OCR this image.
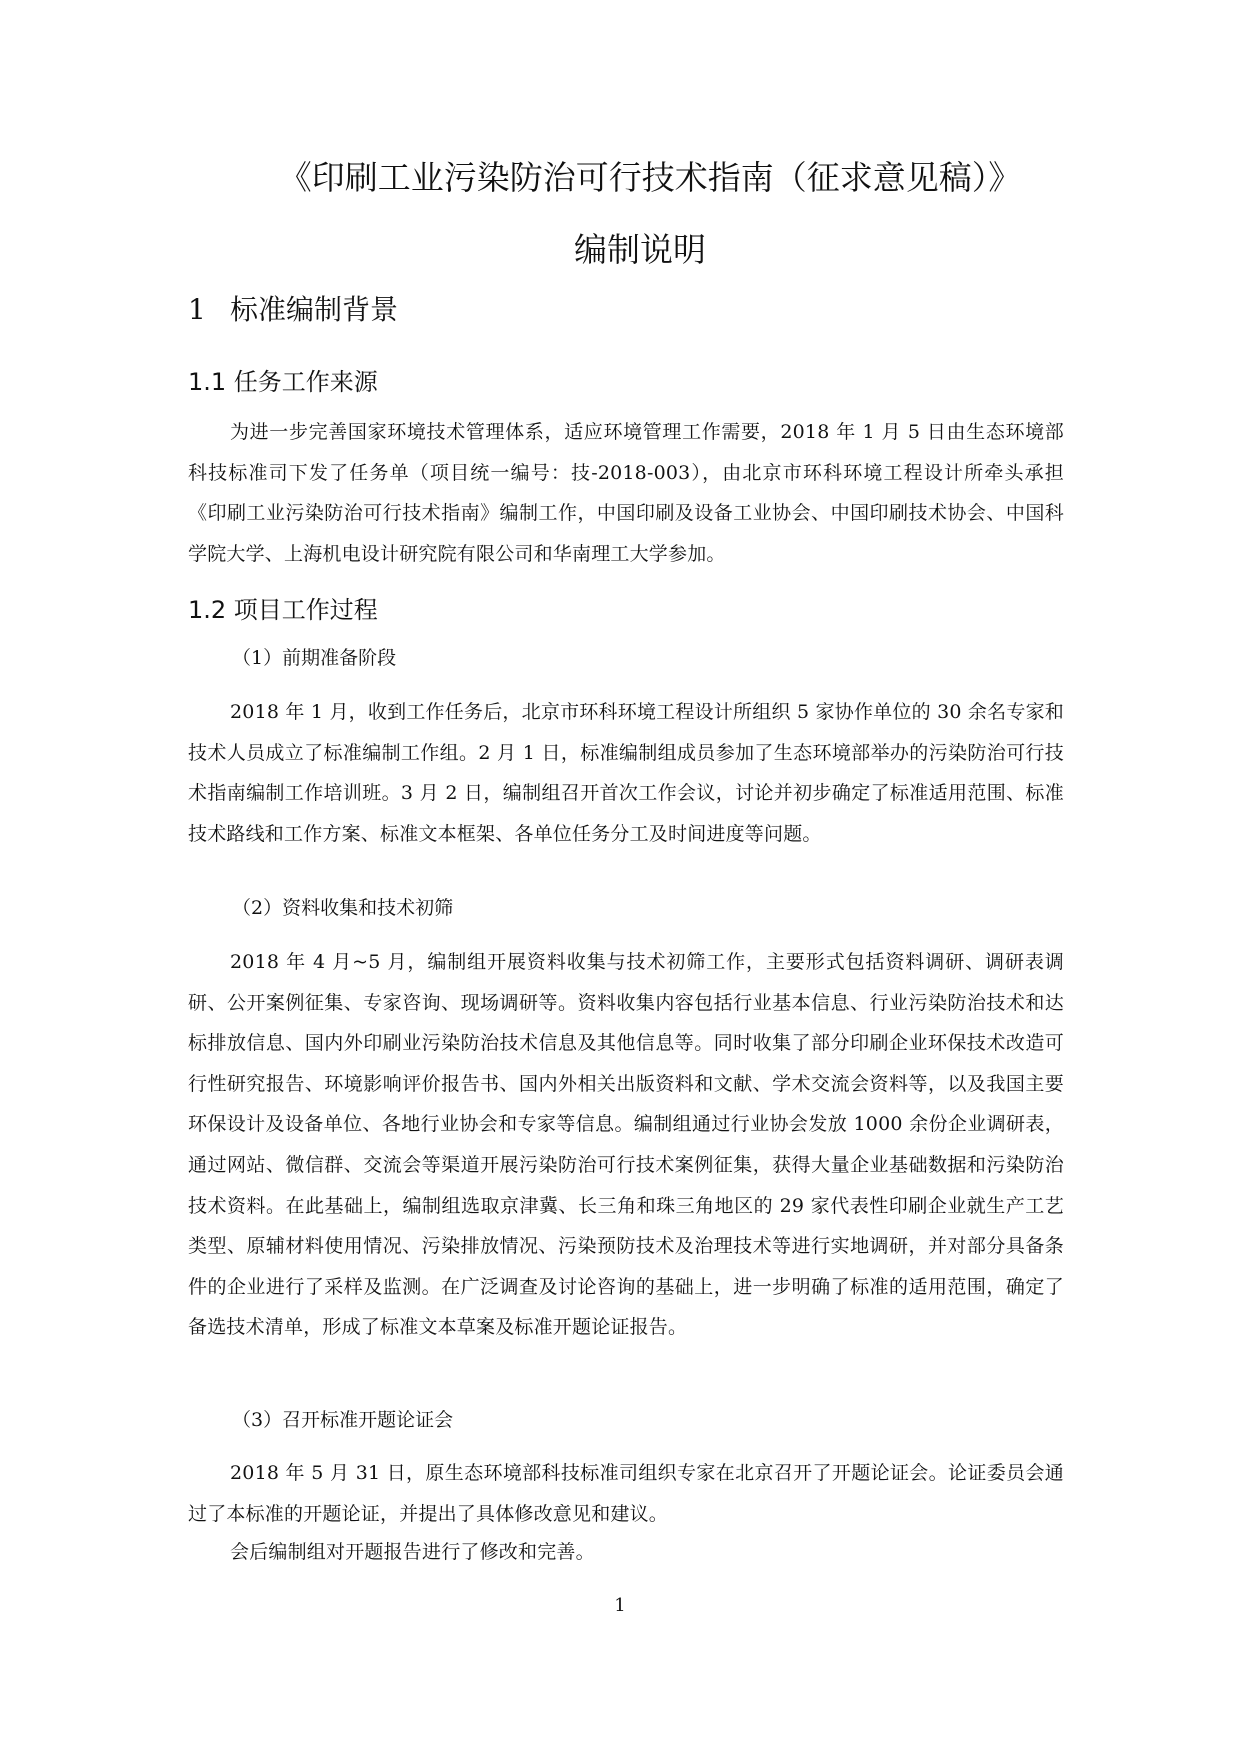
《印刷工业污染防治可行技术指南（征求意见稿）》
编制说明
1 标准编制背景
1.1 任务工作来源
为进一步完善国家环境技术管理体系，适应环境管理工作需要，2018 年 1 月 5 日由生态环境部科技标准司下发了任务单（项目统一编号：技-2018-003），由北京市环科环境工程设计所牵头承担《印刷工业污染防治可行技术指南》编制工作，中国印刷及设备工业协会、中国印刷技术协会、中国科学院大学、上海机电设计研究院有限公司和华南理工大学参加。
1.2 项目工作过程
（1）前期准备阶段
2018 年 1 月，收到工作任务后，北京市环科环境工程设计所组织 5 家协作单位的 30 余名专家和技术人员成立了标准编制工作组。2 月 1 日，标准编制组成员参加了生态环境部举办的污染防治可行技术指南编制工作培训班。3 月 2 日，编制组召开首次工作会议，讨论并初步确定了标准适用范围、标准技术路线和工作方案、标准文本框架、各单位任务分工及时间进度等问题。
（2）资料收集和技术初筛
2018 年 4 月~5 月，编制组开展资料收集与技术初筛工作，主要形式包括资料调研、调研表调研、公开案例征集、专家咨询、现场调研等。资料收集内容包括行业基本信息、行业污染防治技术和达标排放信息、国内外印刷业污染防治技术信息及其他信息等。同时收集了部分印刷企业环保技术改造可行性研究报告、环境影响评价报告书、国内外相关出版资料和文献、学术交流会资料等，以及我国主要环保设计及设备单位、各地行业协会和专家等信息。编制组通过行业协会发放 1000 余份企业调研表，通过网站、微信群、交流会等渠道开展污染防治可行技术案例征集，获得大量企业基础数据和污染防治技术资料。在此基础上，编制组选取京津冀、长三角和珠三角地区的 29 家代表性印刷企业就生产工艺类型、原辅材料使用情况、污染排放情况、污染预防技术及治理技术等进行实地调研，并对部分具备条件的企业进行了采样及监测。在广泛调查及讨论咨询的基础上，进一步明确了标准的适用范围，确定了备选技术清单，形成了标准文本草案及标准开题论证报告。
（3）召开标准开题论证会
2018 年 5 月 31 日，原生态环境部科技标准司组织专家在北京召开了开题论证会。论证委员会通过了本标准的开题论证，并提出了具体修改意见和建议。
会后编制组对开题报告进行了修改和完善。
1
